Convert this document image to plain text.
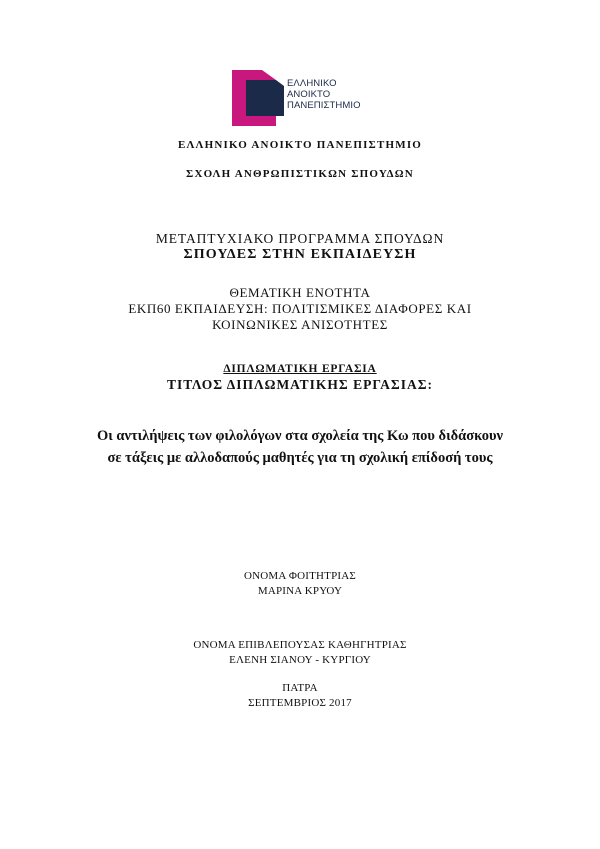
ΕΛΛΗΝΙΚΟ
ΑΝΟΙΚΤΟ
ΠΑΝΕΠΙΣΤΗΜΙΟ
ΕΛΛΗΝΙΚΟ ΑΝΟΙΚΤΟ ΠΑΝΕΠΙΣΤΗΜΙΟ
ΣΧΟΛΗ ΑΝΘΡΩΠΙΣΤΙΚΩΝ ΣΠΟΥΔΩΝ
ΜΕΤΑΠΤΥΧΙΑΚΟ ΠΡΟΓΡΑΜΜΑ ΣΠΟΥΔΩΝ
ΣΠΟΥΔΕΣ ΣΤΗΝ ΕΚΠΑΙΔΕΥΣΗ
ΘΕΜΑΤΙΚΗ ΕΝΟΤΗΤΑ
ΕΚΠ60 ΕΚΠΑΙΔΕΥΣΗ: ΠΟΛΙΤΙΣΜΙΚΕΣ ΔΙΑΦΟΡΕΣ ΚΑΙ
ΚΟΙΝΩΝΙΚΕΣ ΑΝΙΣΟΤΗΤΕΣ
ΔΙΠΛΩΜΑΤΙΚΗ ΕΡΓΑΣΙΑ
ΤΙΤΛΟΣ ΔΙΠΛΩΜΑΤΙΚΗΣ ΕΡΓΑΣΙΑΣ:
Οι αντιλήψεις των φιλολόγων στα σχολεία της Κω που διδάσκουν
σε τάξεις με αλλοδαπούς μαθητές για τη σχολική επίδοσή τους
ΟΝΟΜΑ ΦΟΙΤΗΤΡΙΑΣ
ΜΑΡΙΝΑ ΚΡΥΟΥ
ΟΝΟΜΑ ΕΠΙΒΛΕΠΟΥΣΑΣ ΚΑΘΗΓΗΤΡΙΑΣ
ΕΛΕΝΗ ΣΙΑΝΟΥ - ΚΥΡΓΙΟΥ
ΠΑΤΡΑ
ΣΕΠΤΕΜΒΡΙΟΣ 2017
